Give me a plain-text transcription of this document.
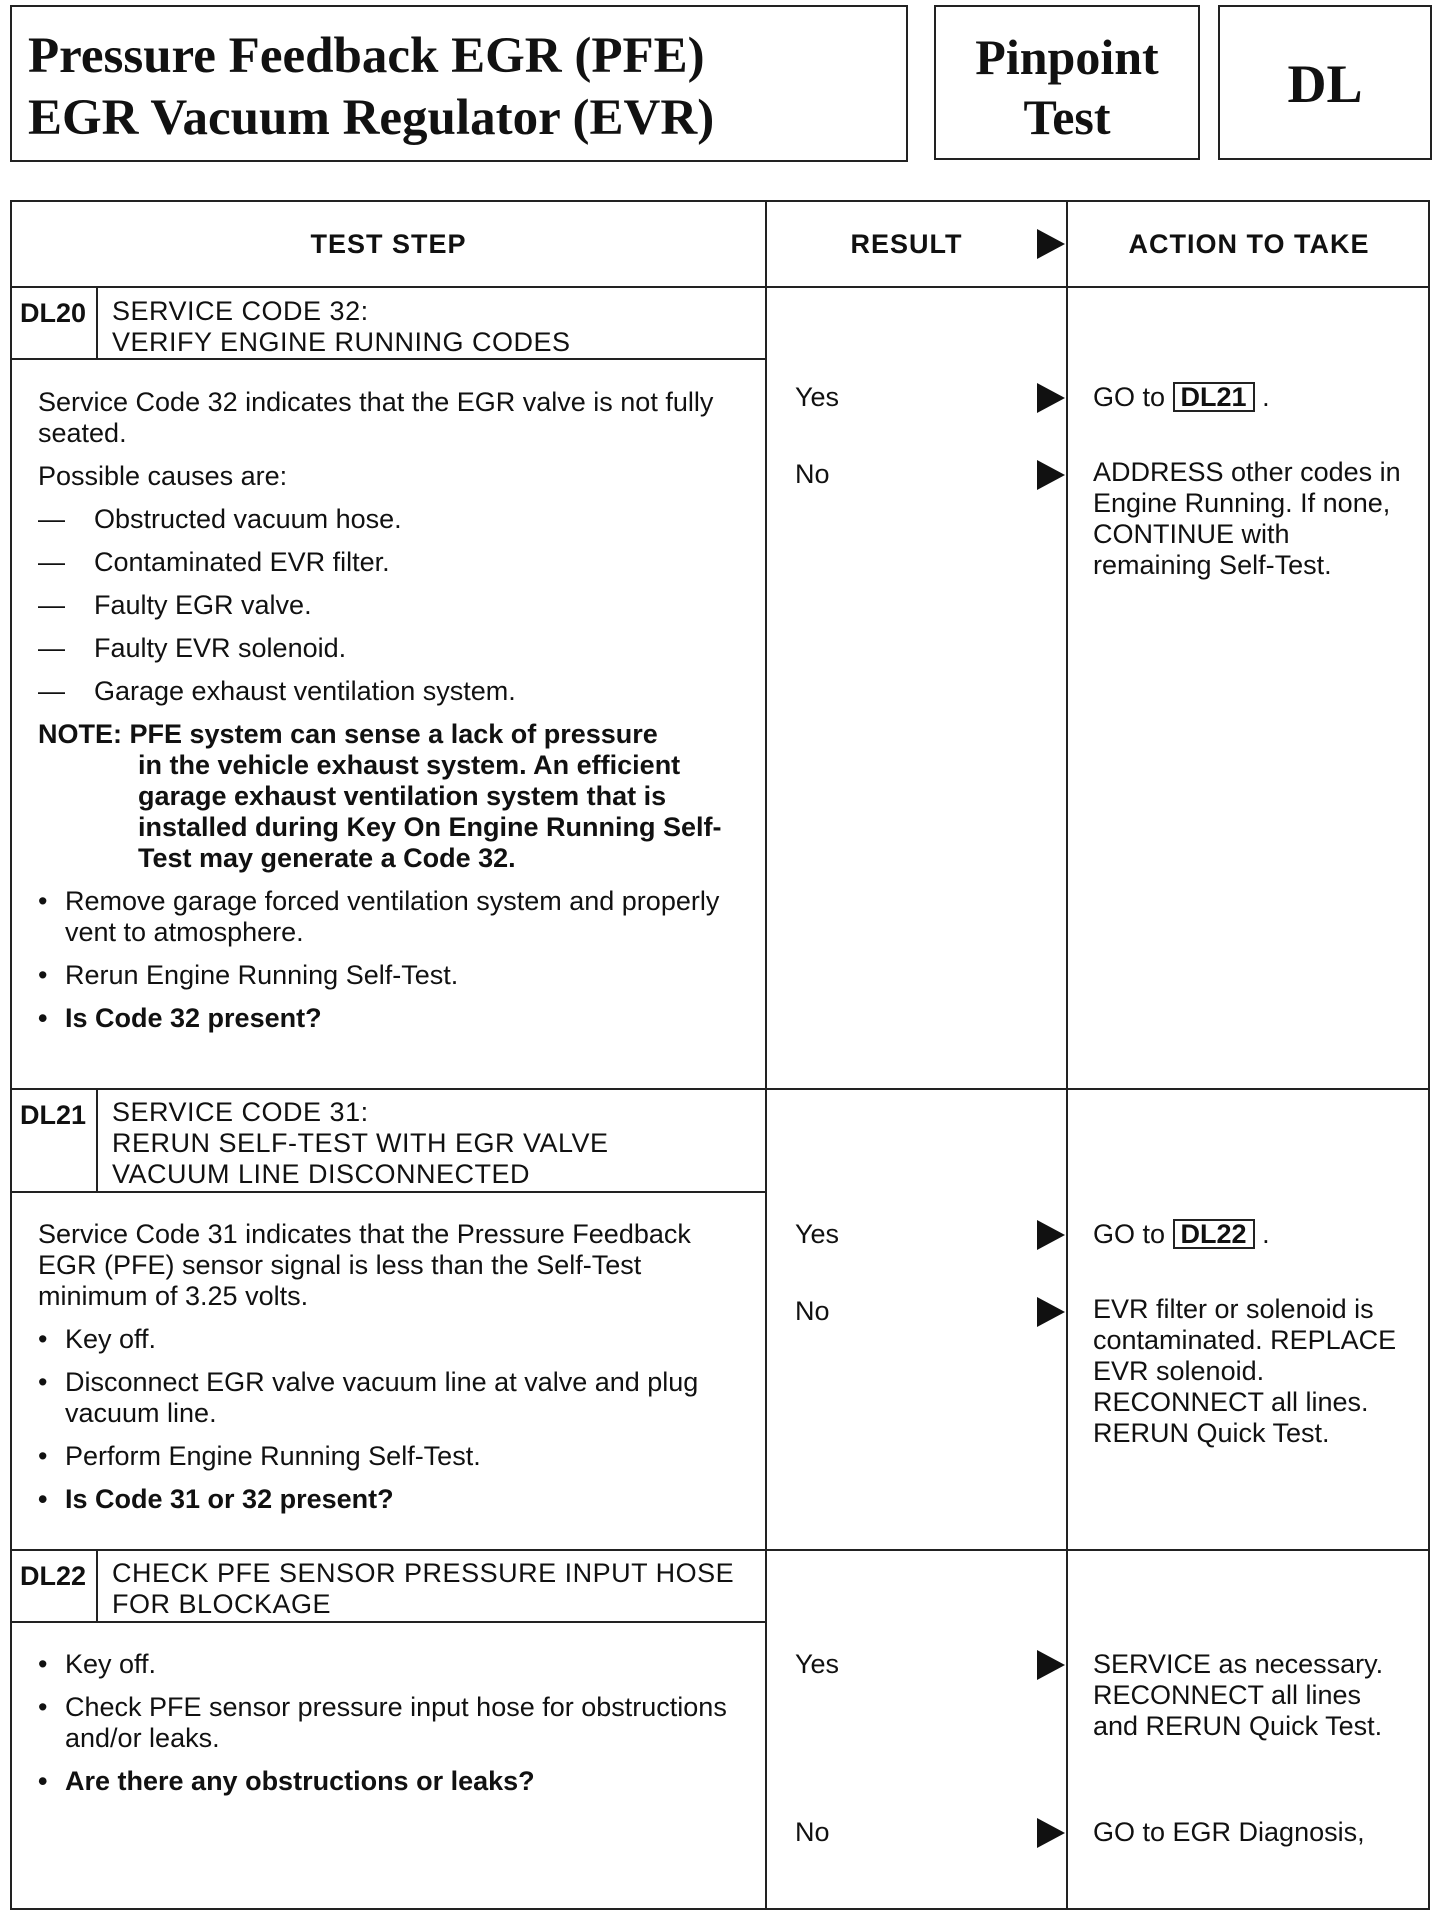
Pressure Feedback EGR (PFE)
EGR Vacuum Regulator (EVR)
Pinpoint
Test
DL
TEST STEP	RESULT	ACTION TO TAKE
DL20 SERVICE CODE 32:
VERIFY ENGINE RUNNING CODES

Service Code 32 indicates that the EGR valve is not fully seated.

Possible causes are:

—	Obstructed vacuum hose.
—	Contaminated EVR filter.
—	Faulty EGR valve.
—	Faulty EVR solenoid.
—	Garage exhaust ventilation system.
NOTE: PFE system can sense a lack of pressure
in the vehicle exhaust system. An efficient garage exhaust ventilation system that is installed during Key On Engine Running Self-Test may generate a Code 32.
• Remove garage forced ventilation system and properly vent to atmosphere.
• Rerun Engine Running Self-Test.
• Is Code 32 present?
Yes	GO to DL21 .
No	ADDRESS other codes in Engine Running. If none, CONTINUE with remaining Self-Test.
DL21 SERVICE CODE 31:
RERUN SELF-TEST WITH EGR VALVE
VACUUM LINE DISCONNECTED

Service Code 31 indicates that the Pressure Feedback EGR (PFE) sensor signal is less than the Self-Test minimum of 3.25 volts.

• Key off.
• Disconnect EGR valve vacuum line at valve and plug vacuum line.
• Perform Engine Running Self-Test.
• Is Code 31 or 32 present?
Yes	GO to DL22 .
No	EVR filter or solenoid is contaminated. REPLACE EVR solenoid. RECONNECT all lines. RERUN Quick Test.
DL22 CHECK PFE SENSOR PRESSURE INPUT HOSE
FOR BLOCKAGE
• Key off.
• Check PFE sensor pressure input hose for obstructions and/or leaks.
• Are there any obstructions or leaks?
Yes	SERVICE as necessary. RECONNECT all lines and RERUN Quick Test.
No	GO to EGR Diagnosis,
